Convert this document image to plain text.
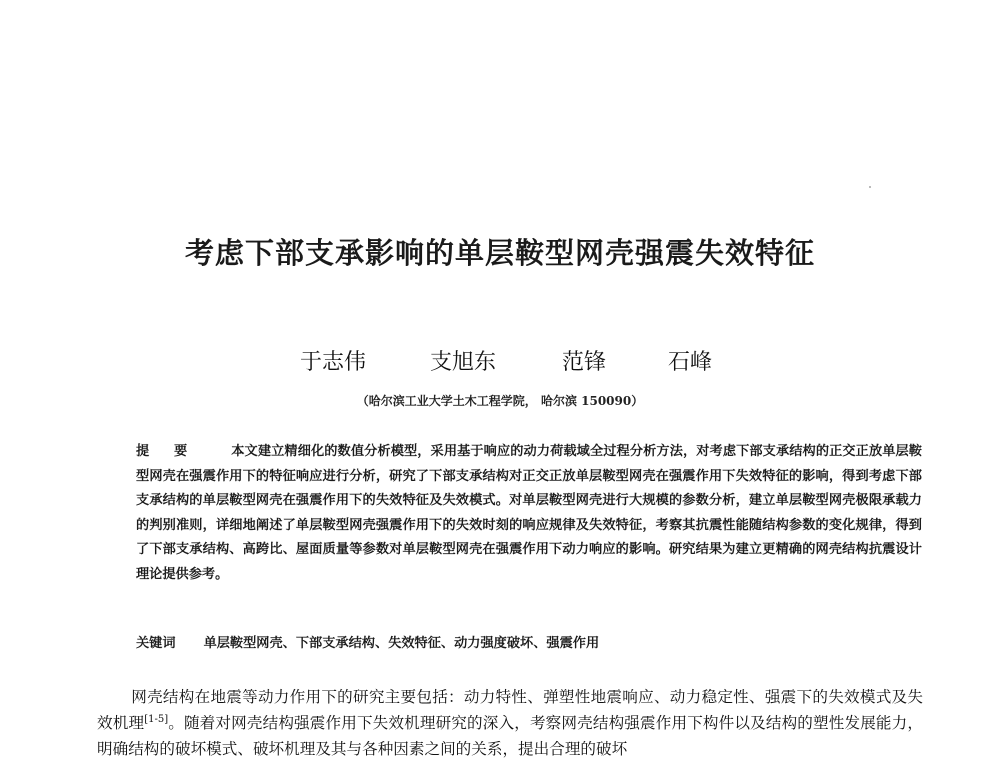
考虑下部支承影响的单层鞍型网壳强震失效特征
于志伟	支旭东	范锋	石峰
（哈尔滨工业大学土木工程学院， 哈尔滨 150090）
提 要	本文建立精细化的数值分析模型，采用基于响应的动力荷载域全过程分析方法，对考虑下部支承结构的正交正放单层鞍型网壳在强震作用下的特征响应进行分析，研究了下部支承结构对正交正放单层鞍型网壳在强震作用下失效特征的影响，得到考虑下部支承结构的单层鞍型网壳在强震作用下的失效特征及失效模式。对单层鞍型网壳进行大规模的参数分析，建立单层鞍型网壳极限承载力的判别准则，详细地阐述了单层鞍型网壳强震作用下的失效时刻的响应规律及失效特征，考察其抗震性能随结构参数的变化规律，得到了下部支承结构、高跨比、屋面质量等参数对单层鞍型网壳在强震作用下动力响应的影响。研究结果为建立更精确的网壳结构抗震设计理论提供参考。
关键词 单层鞍型网壳、下部支承结构、失效特征、动力强度破坏、强震作用
网壳结构在地震等动力作用下的研究主要包括：动力特性、弹塑性地震响应、动力稳定性、强震下的失效模式及失效机理[1-5]。随着对网壳结构强震作用下失效机理研究的深入，考察网壳结构强震作用下构件以及结构的塑性发展能力，明确结构的破坏模式、破坏机理及其与各种因素之间的关系，提出合理的破坏
